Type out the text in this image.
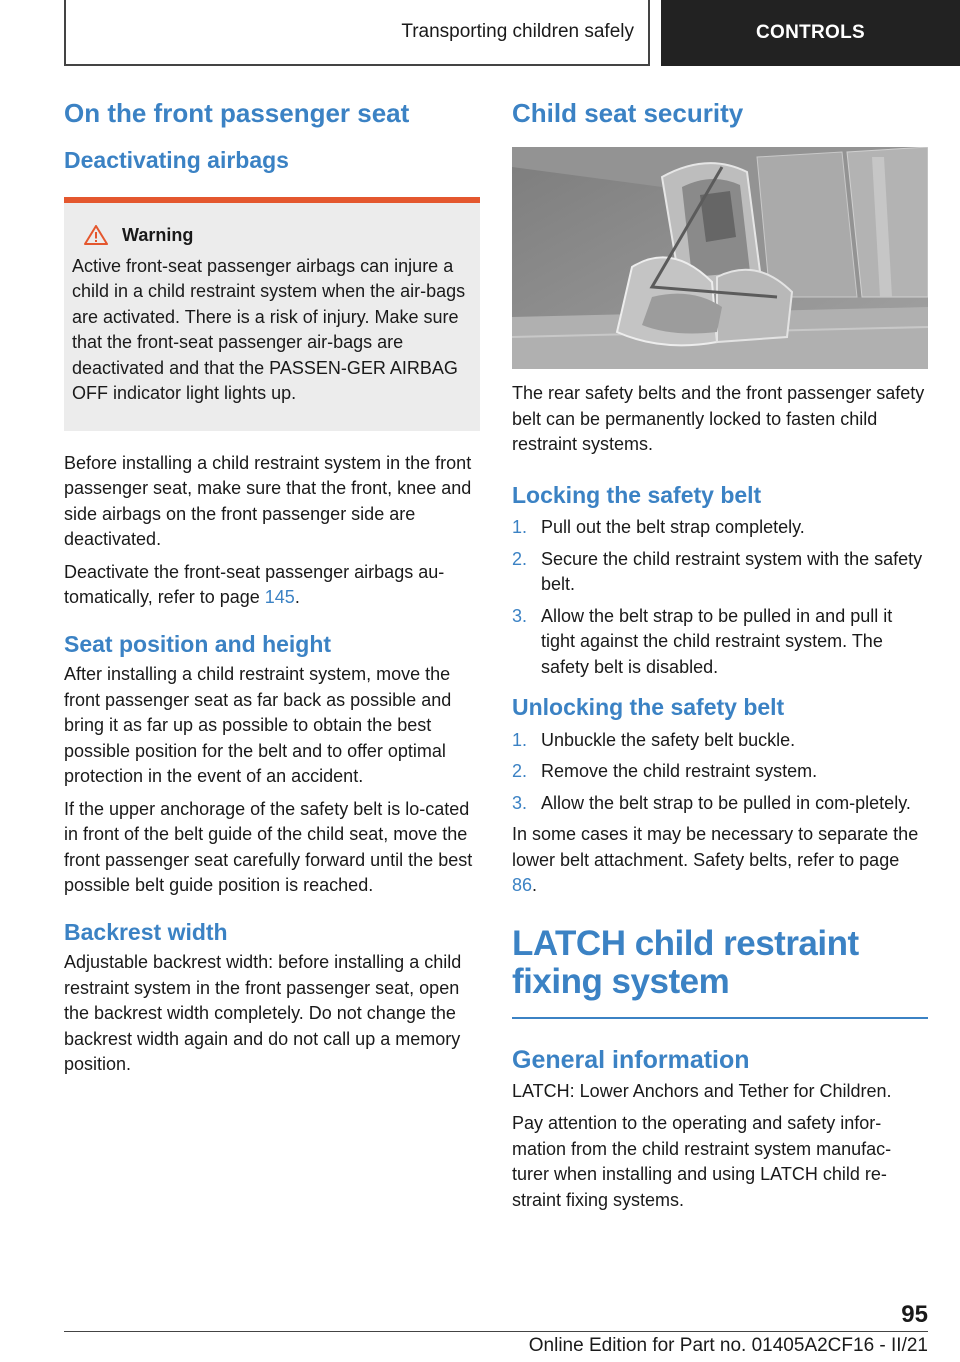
Transporting children safely	CONTROLS
On the front passenger seat
Deactivating airbags
Warning

Active front-seat passenger airbags can injure a child in a child restraint system when the air-bags are activated. There is a risk of injury. Make sure that the front-seat passenger air-bags are deactivated and that the PASSEN-GER AIRBAG OFF indicator light lights up.

Before installing a child restraint system in the front passenger seat, make sure that the front, knee and side airbags on the front passenger side are deactivated.

Deactivate the front-seat passenger airbags au-tomatically, refer to page 145.

Seat position and height

After installing a child restraint system, move the front passenger seat as far back as possible and bring it as far up as possible to obtain the best possible position for the belt and to offer optimal protection in the event of an accident.

If the upper anchorage of the safety belt is lo-cated in front of the belt guide of the child seat, move the front passenger seat carefully forward until the best possible belt guide position is reached.

Backrest width

Adjustable backrest width: before installing a child restraint system in the front passenger seat, open the backrest width completely. Do not change the backrest width again and do not call up a memory position.

Child seat security

The rear safety belts and the front passenger safety belt can be permanently locked to fasten child restraint systems.

Locking the safety belt
1. Pull out the belt strap completely.
2. Secure the child restraint system with the safety belt.
3. Allow the belt strap to be pulled in and pull it tight against the child restraint system. The safety belt is disabled.
Unlocking the safety belt
1. Unbuckle the safety belt buckle.
2. Remove the child restraint system.
3. Allow the belt strap to be pulled in com-pletely.

In some cases it may be necessary to separate the lower belt attachment. Safety belts, refer to page 86.

LATCH child restraint fixing system
General information

LATCH: Lower Anchors and Tether for Children.

Pay attention to the operating and safety infor-mation from the child restraint system manufac-turer when installing and using LATCH child re-straint fixing systems.

95
Online Edition for Part no. 01405A2CF16 - II/21
